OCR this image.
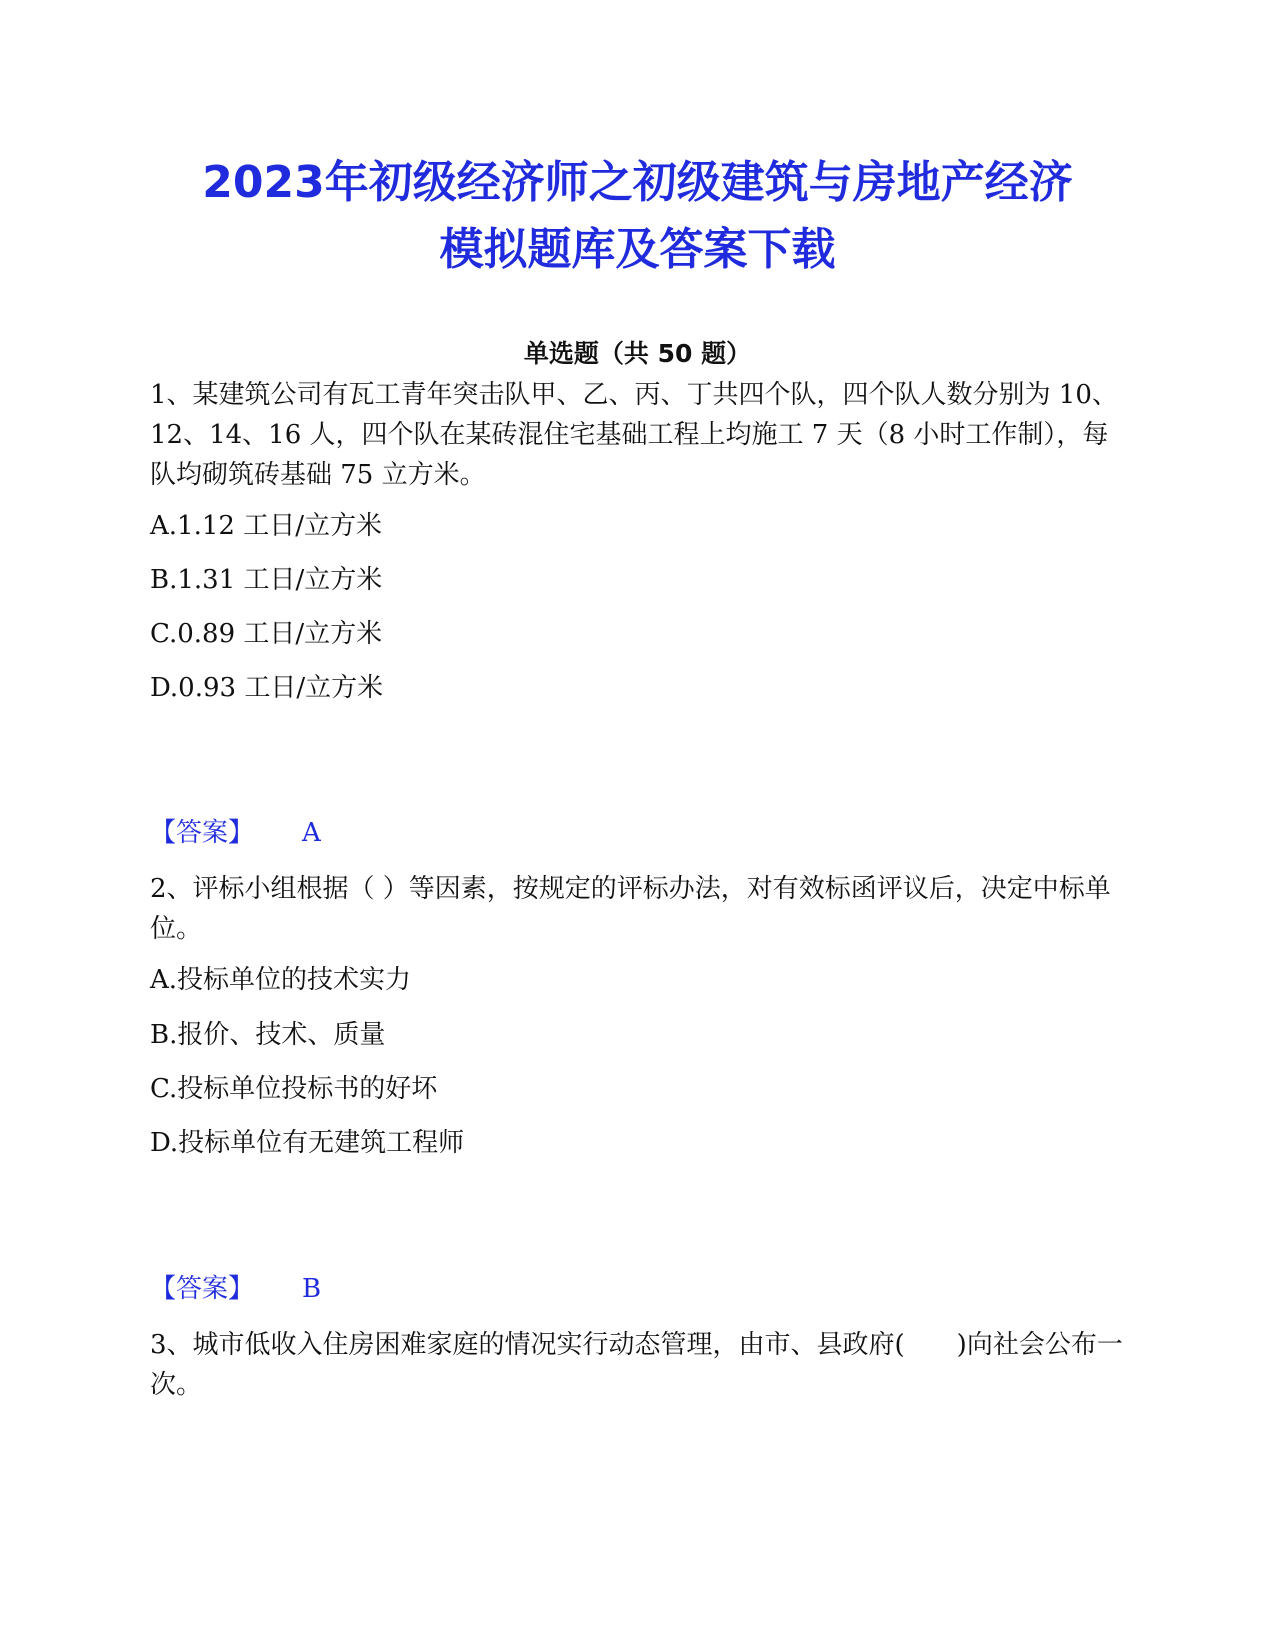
2023年初级经济师之初级建筑与房地产经济
模拟题库及答案下载
单选题（共 50 题）
1、某建筑公司有瓦工青年突击队甲、乙、丙、丁共四个队，四个队人数分别为 10、12、14、16 人，四个队在某砖混住宅基础工程上均施工 7 天（8 小时工作制），每队均砌筑砖基础 75 立方米。
A.1.12 工日/立方米
B.1.31 工日/立方米
C.0.89 工日/立方米
D.0.93 工日/立方米
【答案】 A
2、评标小组根据（ ）等因素，按规定的评标办法，对有效标函评议后，决定中标单位。
A.投标单位的技术实力
B.报价、技术、质量
C.投标单位投标书的好坏
D.投标单位有无建筑工程师
【答案】 B
3、城市低收入住房困难家庭的情况实行动态管理，由市、县政府(　　)向社会公布一次。
